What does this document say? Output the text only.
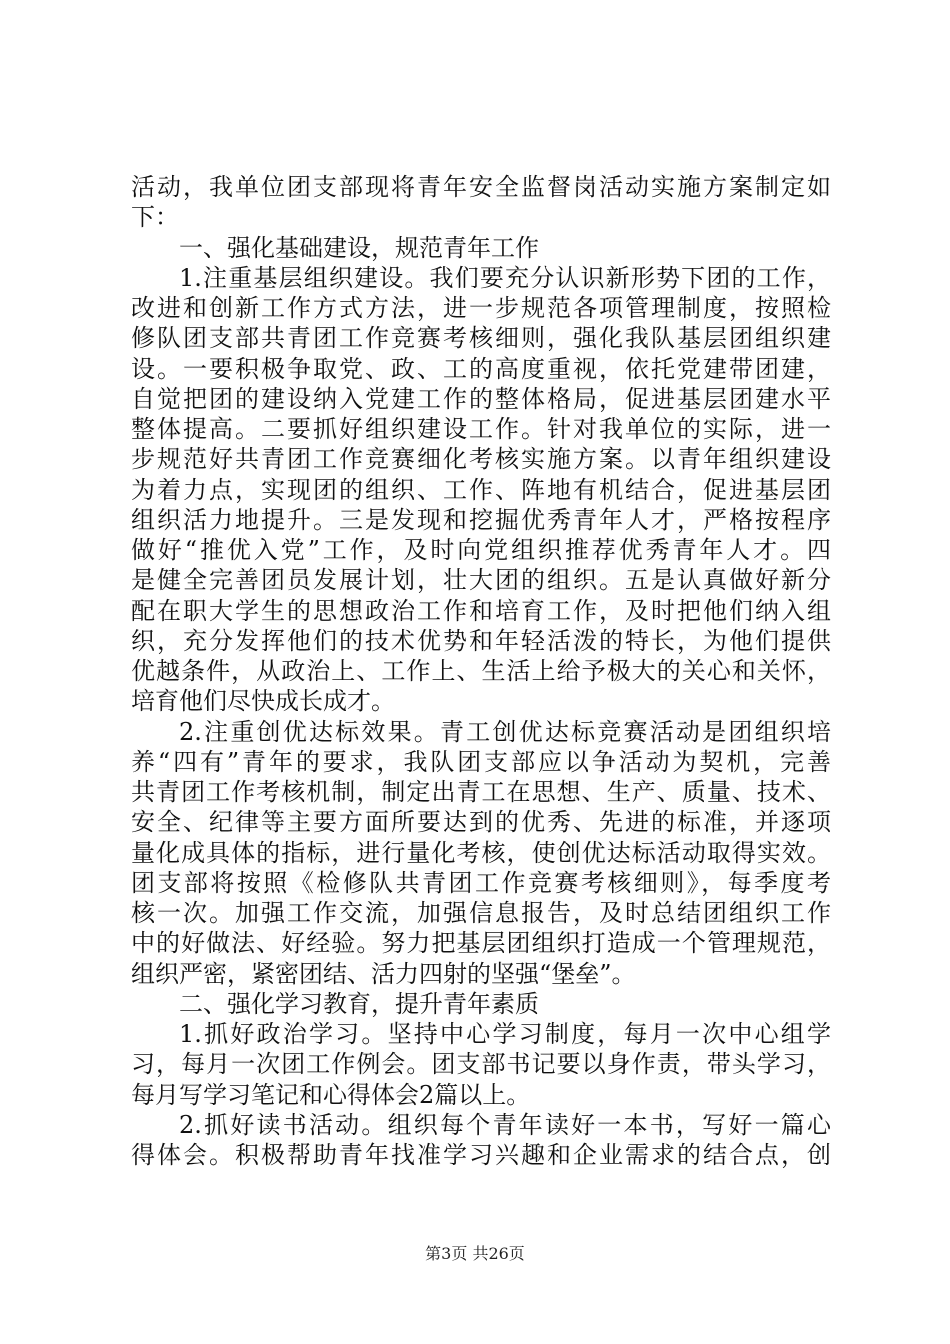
活动，我单位团支部现将青年安全监督岗活动实施方案制定如
下：
一、强化基础建设，规范青年工作
1.注重基层组织建设。我们要充分认识新形势下团的工作，
改进和创新工作方式方法，进一步规范各项管理制度，按照检
修队团支部共青团工作竞赛考核细则，强化我队基层团组织建
设。一要积极争取党、政、工的高度重视，依托党建带团建，
自觉把团的建设纳入党建工作的整体格局，促进基层团建水平
整体提高。二要抓好组织建设工作。针对我单位的实际，进一
步规范好共青团工作竞赛细化考核实施方案。以青年组织建设
为着力点，实现团的组织、工作、阵地有机结合，促进基层团
组织活力地提升。三是发现和挖掘优秀青年人才，严格按程序
做好“推优入党”工作，及时向党组织推荐优秀青年人才。四
是健全完善团员发展计划，壮大团的组织。五是认真做好新分
配在职大学生的思想政治工作和培育工作，及时把他们纳入组
织，充分发挥他们的技术优势和年轻活泼的特长，为他们提供
优越条件，从政治上、工作上、生活上给予极大的关心和关怀，
培育他们尽快成长成才。
2.注重创优达标效果。青工创优达标竞赛活动是团组织培
养“四有”青年的要求，我队团支部应以争活动为契机，完善
共青团工作考核机制，制定出青工在思想、生产、质量、技术、
安全、纪律等主要方面所要达到的优秀、先进的标准，并逐项
量化成具体的指标，进行量化考核，使创优达标活动取得实效。
团支部将按照《检修队共青团工作竞赛考核细则》，每季度考
核一次。加强工作交流，加强信息报告，及时总结团组织工作
中的好做法、好经验。努力把基层团组织打造成一个管理规范，
组织严密，紧密团结、活力四射的坚强“堡垒”。
二、强化学习教育，提升青年素质
1.抓好政治学习。坚持中心学习制度，每月一次中心组学
习，每月一次团工作例会。团支部书记要以身作责，带头学习，
每月写学习笔记和心得体会2篇以上。
2.抓好读书活动。组织每个青年读好一本书，写好一篇心
得体会。积极帮助青年找准学习兴趣和企业需求的结合点，创
第3页 共26页
